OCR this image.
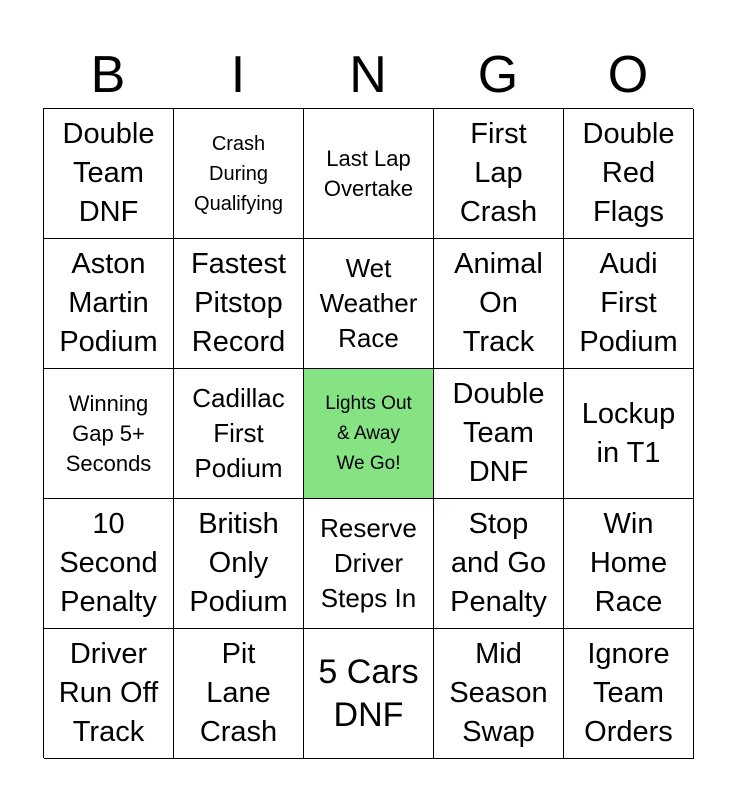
B	I	N	G	O
Double
Team
DNF
Crash
During
Qualifying
Last Lap
Overtake
First
Lap
Crash
Double
Red
Flags
Aston
Martin
Podium
Fastest
Pitstop
Record
Wet
Weather
Race
Animal
On
Track
Audi
First
Podium
Winning
Gap 5+
Seconds
Cadillac
First
Podium
Lights Out
& Away
We Go!
Double
Team
DNF
Lockup
in T1
10
Second
Penalty
British
Only
Podium
Reserve
Driver
Steps In
Stop
and Go
Penalty
Win
Home
Race
Driver
Run Off
Track
Pit
Lane
Crash
5 Cars
DNF
Mid
Season
Swap
Ignore
Team
Orders
